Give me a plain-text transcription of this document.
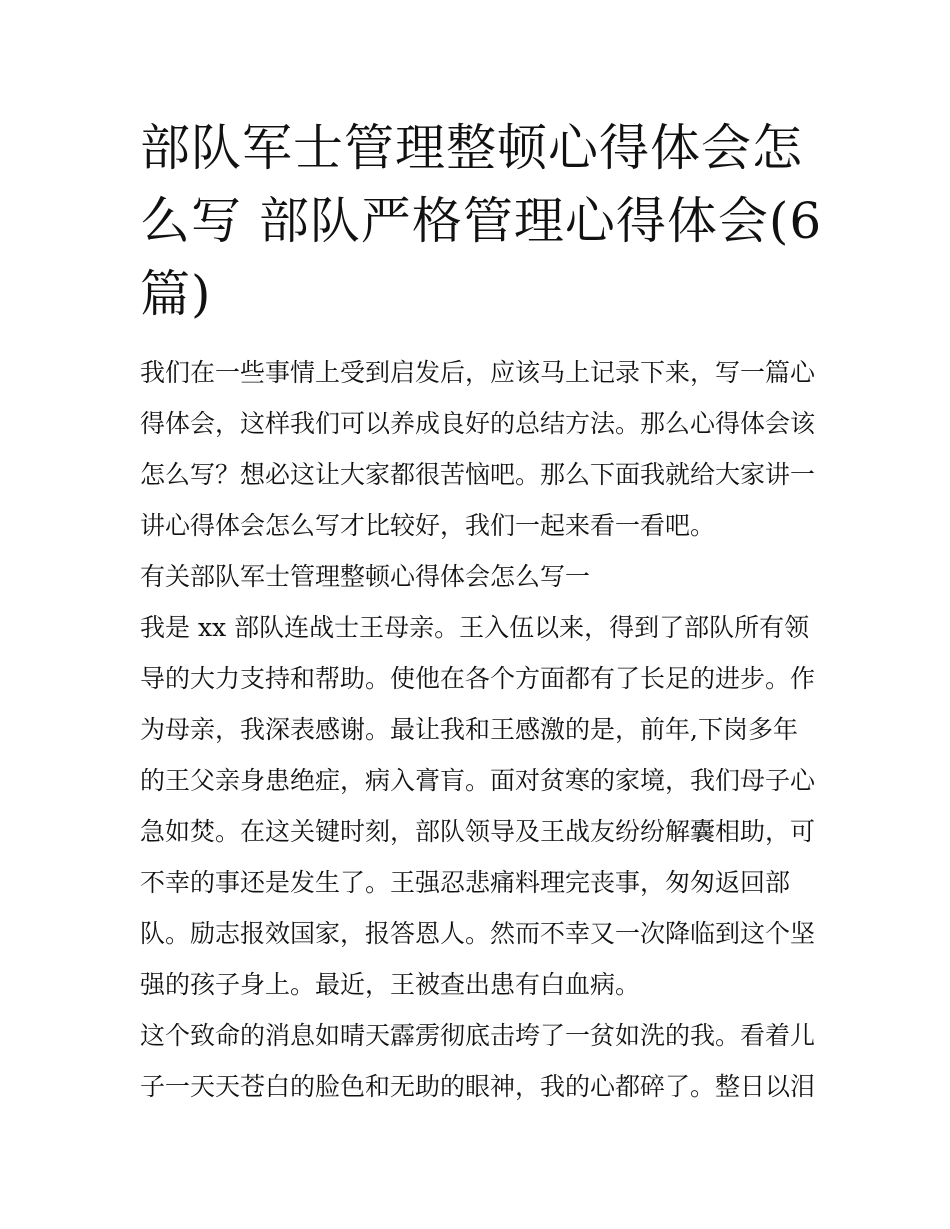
部队军士管理整顿心得体会怎
么写 部队严格管理心得体会(6
篇)

我们在一些事情上受到启发后，应该马上记录下来，写一篇心
得体会，这样我们可以养成良好的总结方法。那么心得体会该
怎么写？想必这让大家都很苦恼吧。那么下面我就给大家讲一
讲心得体会怎么写才比较好，我们一起来看一看吧。

有关部队军士管理整顿心得体会怎么写一

我是 xx 部队连战士王母亲。王入伍以来，得到了部队所有领
导的大力支持和帮助。使他在各个方面都有了长足的进步。作
为母亲，我深表感谢。最让我和王感激的是，前年,下岗多年
的王父亲身患绝症，病入膏肓。面对贫寒的家境，我们母子心
急如焚。在这关键时刻，部队领导及王战友纷纷解囊相助，可
不幸的事还是发生了。王强忍悲痛料理完丧事，匆匆返回部
队。励志报效国家，报答恩人。然而不幸又一次降临到这个坚
强的孩子身上。最近，王被查出患有白血病。

这个致命的消息如晴天霹雳彻底击垮了一贫如洗的我。看着儿
子一天天苍白的脸色和无助的眼神，我的心都碎了。整日以泪
